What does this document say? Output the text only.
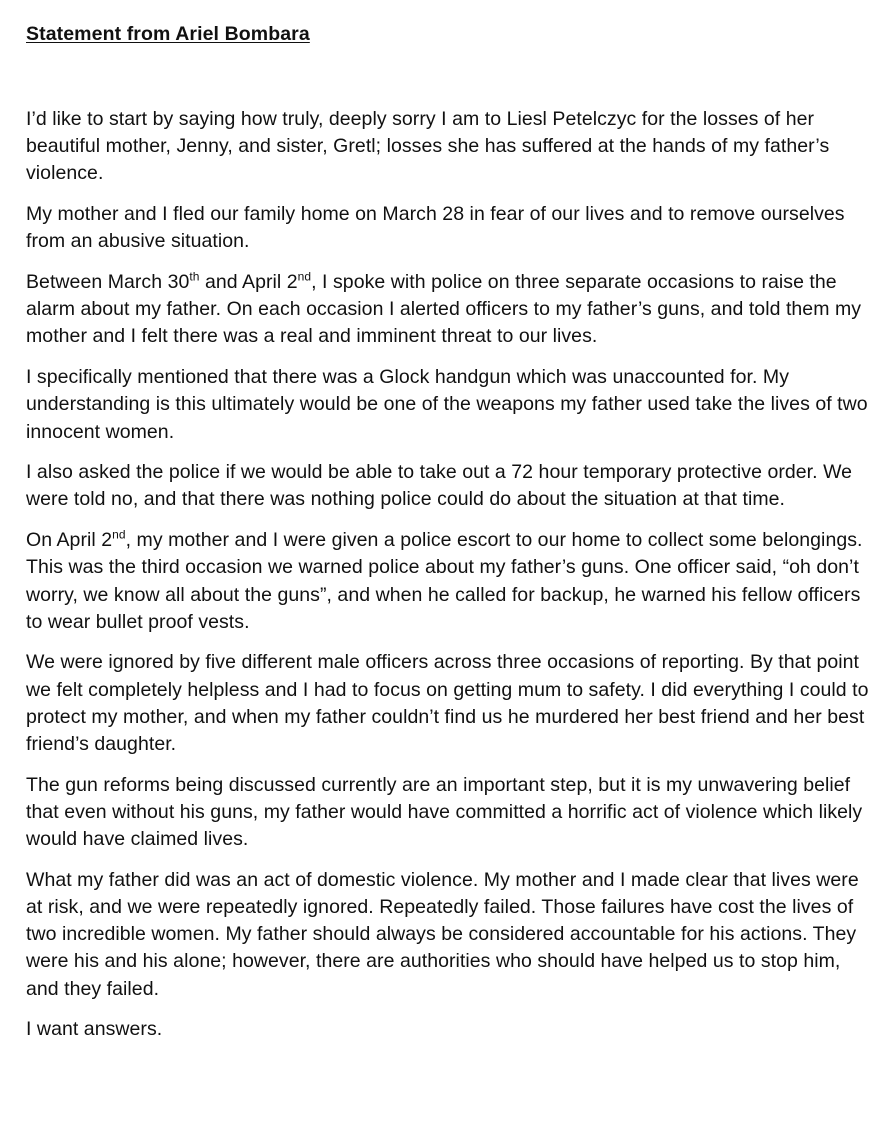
Statement from Ariel Bombara

I’d like to start by saying how truly, deeply sorry I am to Liesl Petelczyc for the losses of her beautiful mother, Jenny, and sister, Gretl; losses she has suffered at the hands of my father’s violence.

My mother and I fled our family home on March 28 in fear of our lives and to remove ourselves from an abusive situation.

Between March 30th and April 2nd, I spoke with police on three separate occasions to raise the alarm about my father. On each occasion I alerted officers to my father’s guns, and told them my mother and I felt there was a real and imminent threat to our lives.

I specifically mentioned that there was a Glock handgun which was unaccounted for. My understanding is this ultimately would be one of the weapons my father used take the lives of two innocent women.

I also asked the police if we would be able to take out a 72 hour temporary protective order. We were told no, and that there was nothing police could do about the situation at that time.

On April 2nd, my mother and I were given a police escort to our home to collect some belongings. This was the third occasion we warned police about my father’s guns. One officer said, “oh don’t worry, we know all about the guns”, and when he called for backup, he warned his fellow officers to wear bullet proof vests.

We were ignored by five different male officers across three occasions of reporting. By that point we felt completely helpless and I had to focus on getting mum to safety. I did everything I could to protect my mother, and when my father couldn’t find us he murdered her best friend and her best friend’s daughter.

The gun reforms being discussed currently are an important step, but it is my unwavering belief that even without his guns, my father would have committed a horrific act of violence which likely would have claimed lives.

What my father did was an act of domestic violence. My mother and I made clear that lives were at risk, and we were repeatedly ignored. Repeatedly failed. Those failures have cost the lives of two incredible women. My father should always be considered accountable for his actions. They were his and his alone; however, there are authorities who should have helped us to stop him, and they failed.

I want answers.
